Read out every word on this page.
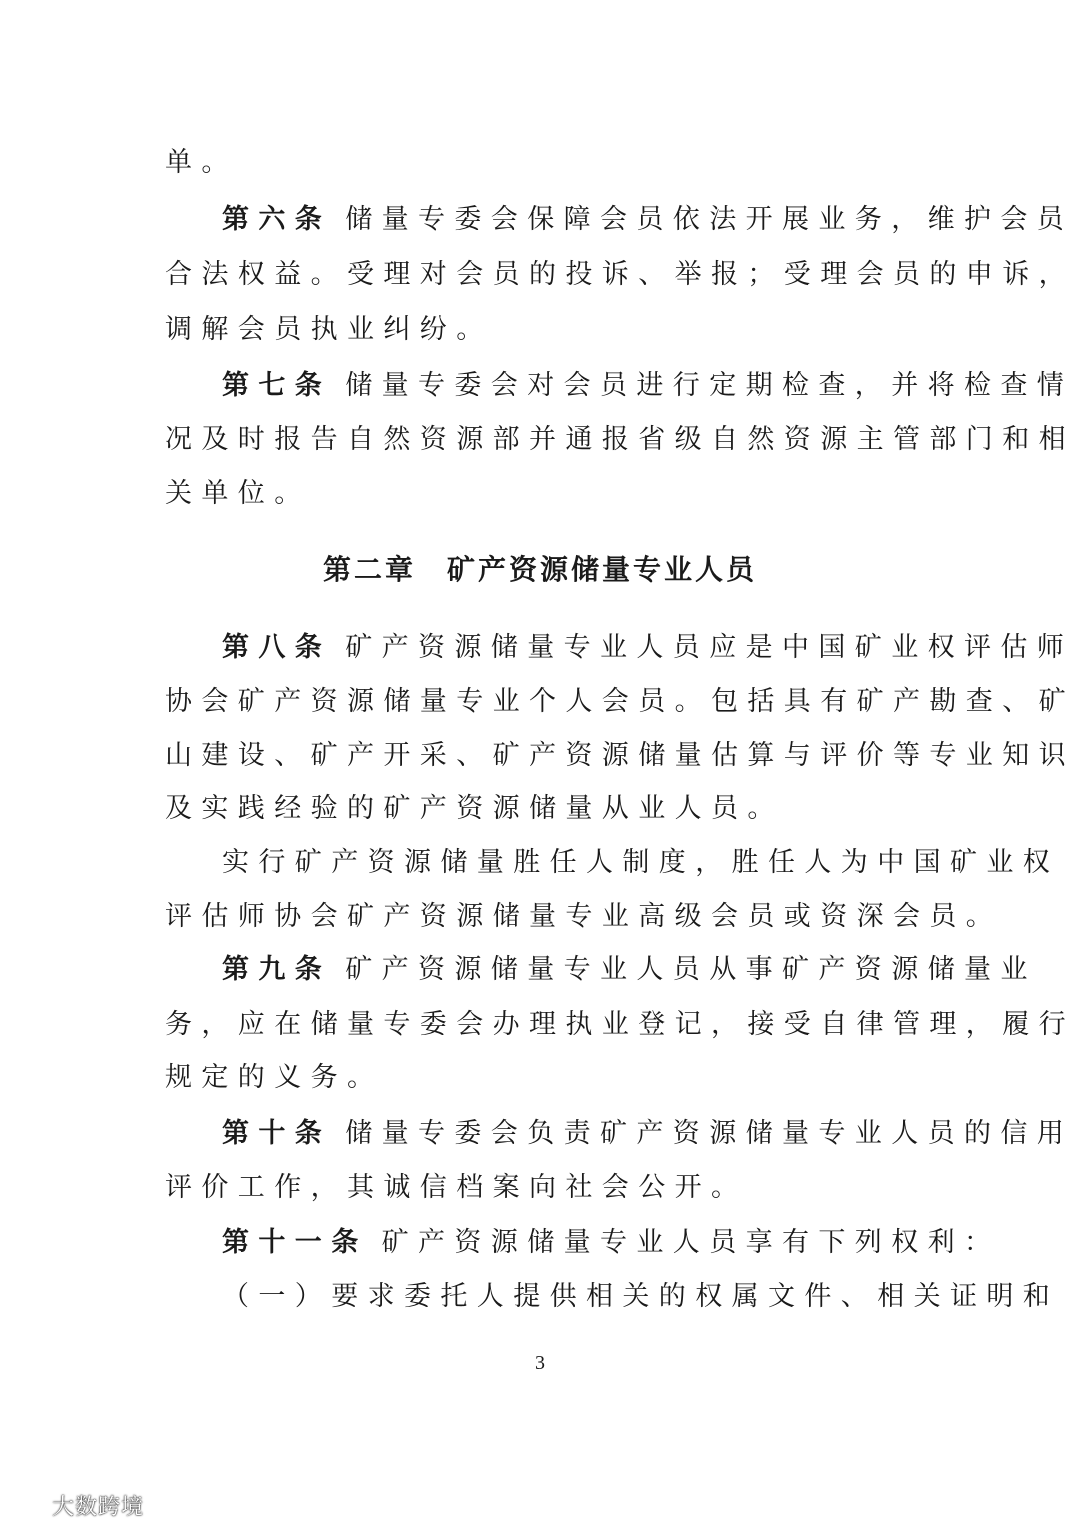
单。
第六条 储量专委会保障会员依法开展业务，维护会员
合法权益。受理对会员的投诉、举报；受理会员的申诉，
调解会员执业纠纷。
第七条 储量专委会对会员进行定期检查，并将检查情
况及时报告自然资源部并通报省级自然资源主管部门和相
关单位。
第二章　矿产资源储量专业人员
第八条 矿产资源储量专业人员应是中国矿业权评估师
协会矿产资源储量专业个人会员。包括具有矿产勘查、矿
山建设、矿产开采、矿产资源储量估算与评价等专业知识
及实践经验的矿产资源储量从业人员。
实行矿产资源储量胜任人制度，胜任人为中国矿业权
评估师协会矿产资源储量专业高级会员或资深会员。
第九条 矿产资源储量专业人员从事矿产资源储量业
务，应在储量专委会办理执业登记，接受自律管理，履行
规定的义务。
第十条 储量专委会负责矿产资源储量专业人员的信用
评价工作，其诚信档案向社会公开。
第十一条 矿产资源储量专业人员享有下列权利：
（一）要求委托人提供相关的权属文件、相关证明和
3
大数跨境
